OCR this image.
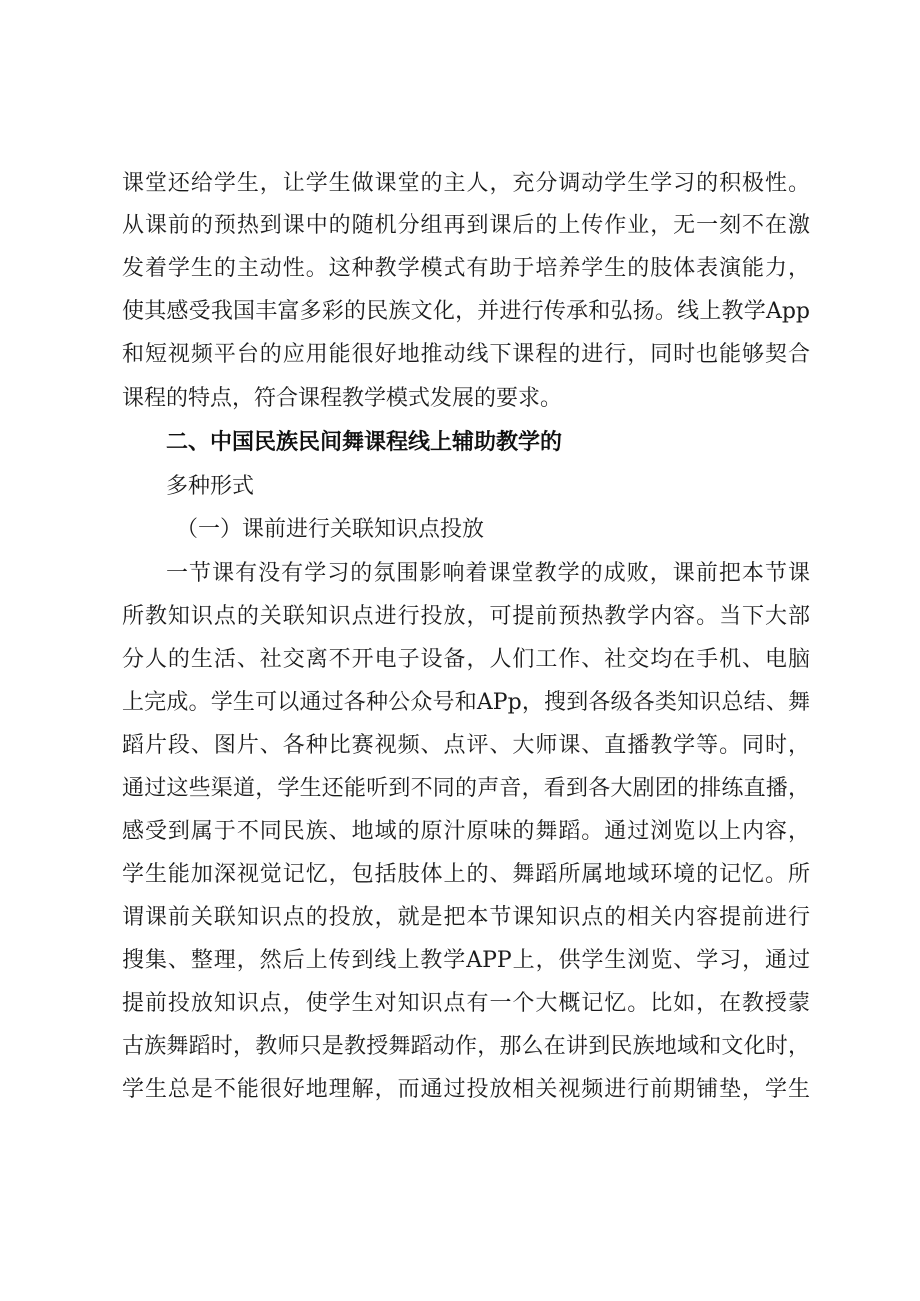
课堂还给学生，让学生做课堂的主人，充分调动学生学习的积极性。
从课前的预热到课中的随机分组再到课后的上传作业，无一刻不在激
发着学生的主动性。这种教学模式有助于培养学生的肢体表演能力，
使其感受我国丰富多彩的民族文化，并进行传承和弘扬。线上教学App
和短视频平台的应用能很好地推动线下课程的进行，同时也能够契合
课程的特点，符合课程教学模式发展的要求。
二、中国民族民间舞课程线上辅助教学的
多种形式
（一）课前进行关联知识点投放
一节课有没有学习的氛围影响着课堂教学的成败，课前把本节课
所教知识点的关联知识点进行投放，可提前预热教学内容。当下大部
分人的生活、社交离不开电子设备，人们工作、社交均在手机、电脑
上完成。学生可以通过各种公众号和APp，搜到各级各类知识总结、舞
蹈片段、图片、各种比赛视频、点评、大师课、直播教学等。同时，
通过这些渠道，学生还能听到不同的声音，看到各大剧团的排练直播，
感受到属于不同民族、地域的原汁原味的舞蹈。通过浏览以上内容，
学生能加深视觉记忆，包括肢体上的、舞蹈所属地域环境的记忆。所
谓课前关联知识点的投放，就是把本节课知识点的相关内容提前进行
搜集、整理，然后上传到线上教学APP上，供学生浏览、学习，通过
提前投放知识点，使学生对知识点有一个大概记忆。比如，在教授蒙
古族舞蹈时，教师只是教授舞蹈动作，那么在讲到民族地域和文化时，
学生总是不能很好地理解，而通过投放相关视频进行前期铺垫，学生
